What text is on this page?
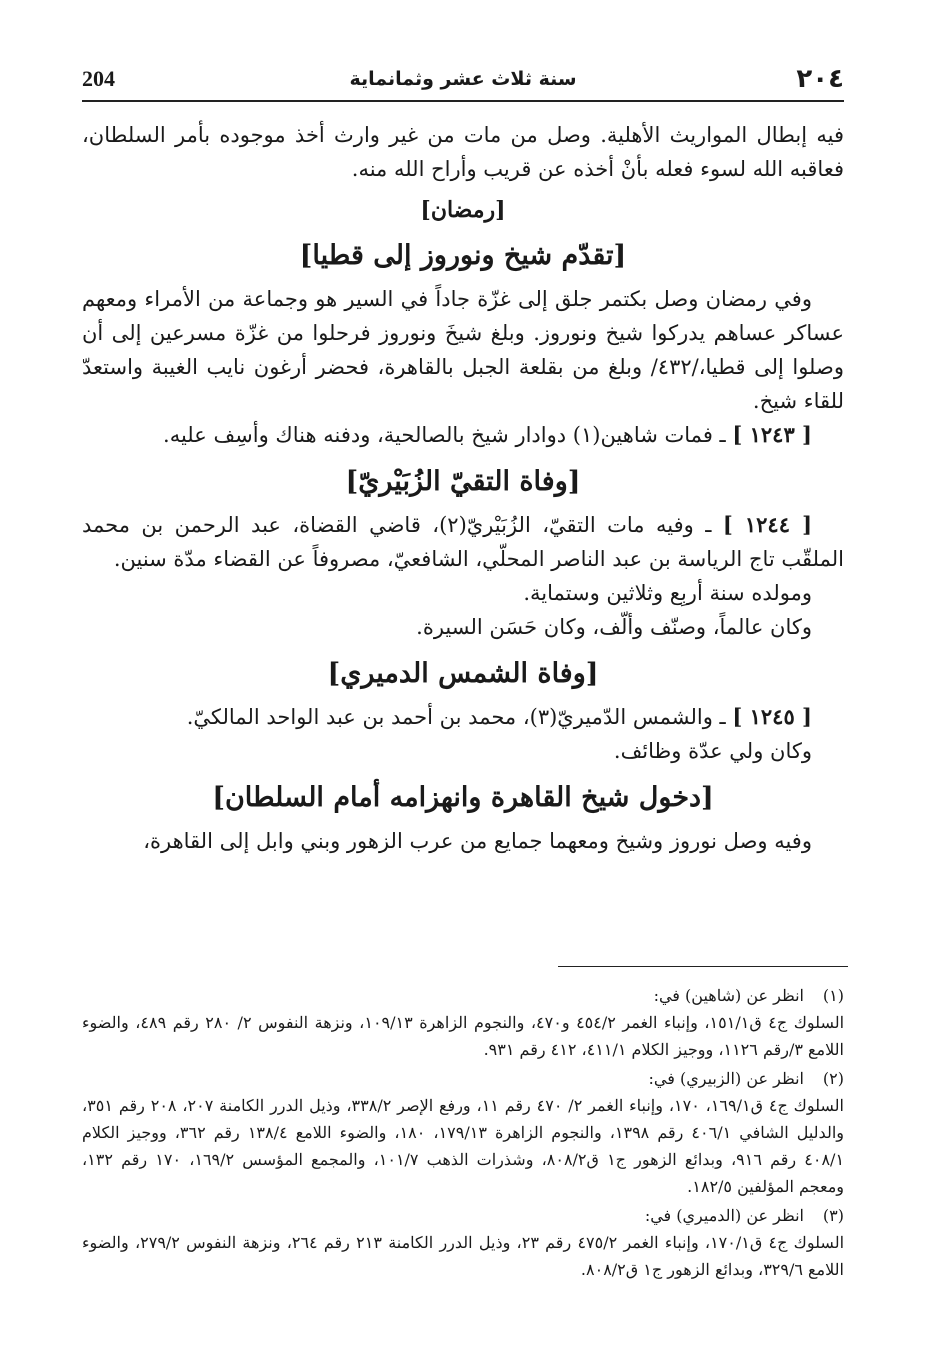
٢٠٤
سنة ثلاث عشر وثمانماية
204

فيه إبطال المواريث الأهلية. وصل من مات من غير وارث أخذ موجوده بأمر السلطان، فعاقبه الله لسوء فعله بأنْ أخذه عن قريب وأراح الله منه.

[رمضان]
[تقدّم شيخ ونوروز إلى قطيا]

وفي رمضان وصل بكتمر جلق إلى غزّة جاداً في السير هو وجماعة من الأمراء ومعهم عساكر عساهم يدركوا شيخ ونوروز. وبلغ شيخَ ونوروز فرحلوا من غزّة مسرعين إلى أن وصلوا إلى قطيا،/٤٣٢/ وبلغ من بقلعة الجبل بالقاهرة، فحضر أرغون نايب الغيبة واستعدّ للقاء شيخ.

[ ١٢٤٣ ] ـ فمات شاهين(١) دوادار شيخ بالصالحية، ودفنه هناك وأسِف عليه.

[وفاة التقيّ الزُبَيْريّ]

[ ١٢٤٤ ] ـ وفيه مات التقيّ، الزُبَيْريّ(٢)، قاضي القضاة، عبد الرحمن بن محمد الملقّب تاج الرياسة بن عبد الناصر المحلّي، الشافعيّ، مصروفاً عن القضاء مدّة سنين.

ومولده سنة أربِع وثلاثين وستماية.

وكان عالماً، وصنّف وألّف، وكان حَسَن السيرة.

[وفاة الشمس الدميري]

[ ١٢٤٥ ] ـ والشمس الدّميريّ(٣)، محمد بن أحمد بن عبد الواحد المالكيّ.

وكان ولي عدّة وظائف.

[دخول شيخ القاهرة وانهزامه أمام السلطان]

وفيه وصل نوروز وشيخ ومعهما جمايع من عرب الزهور وبني وابل إلى القاهرة،

(١)انظر عن (شاهين) في:
السلوك ج٤ ق١٥١/١، وإنباء الغمر ٤٥٤/٢ و٤٧٠، والنجوم الزاهرة ١٠٩/١٣، ونزهة النفوس ٢/ ٢٨٠ رقم ٤٨٩، والضوء اللامع ٣/رقم ١١٢٦، ووجيز الكلام ٤١١/١، ٤١٢ رقم ٩٣١.
(٢)انظر عن (الزبيري) في:
السلوك ج٤ ق١٦٩/١، ١٧٠، وإنباء الغمر ٢/ ٤٧٠ رقم ١١، ورفع الإصر ٣٣٨/٢، وذيل الدرر الكامنة ٢٠٧، ٢٠٨ رقم ٣٥١، والدليل الشافي ٤٠٦/١ رقم ١٣٩٨، والنجوم الزاهرة ١٧٩/١٣، ١٨٠، والضوء اللامع ١٣٨/٤ رقم ٣٦٢، ووجيز الكلام ٤٠٨/١ رقم ٩١٦، وبدائع الزهور ج١ ق٨٠٨/٢، وشذرات الذهب ١٠١/٧، والمجمع المؤسس ١٦٩/٢، ١٧٠ رقم ١٣٢، ومعجم المؤلفين ١٨٢/٥.
(٣)انظر عن (الدميري) في:
السلوك ج٤ ق١٧٠/١، وإنباء الغمر ٤٧٥/٢ رقم ٢٣، وذيل الدرر الكامنة ٢١٣ رقم ٢٦٤، ونزهة النفوس ٢٧٩/٢، والضوء اللامع ٣٢٩/٦، وبدائع الزهور ج١ ق٨٠٨/٢.
